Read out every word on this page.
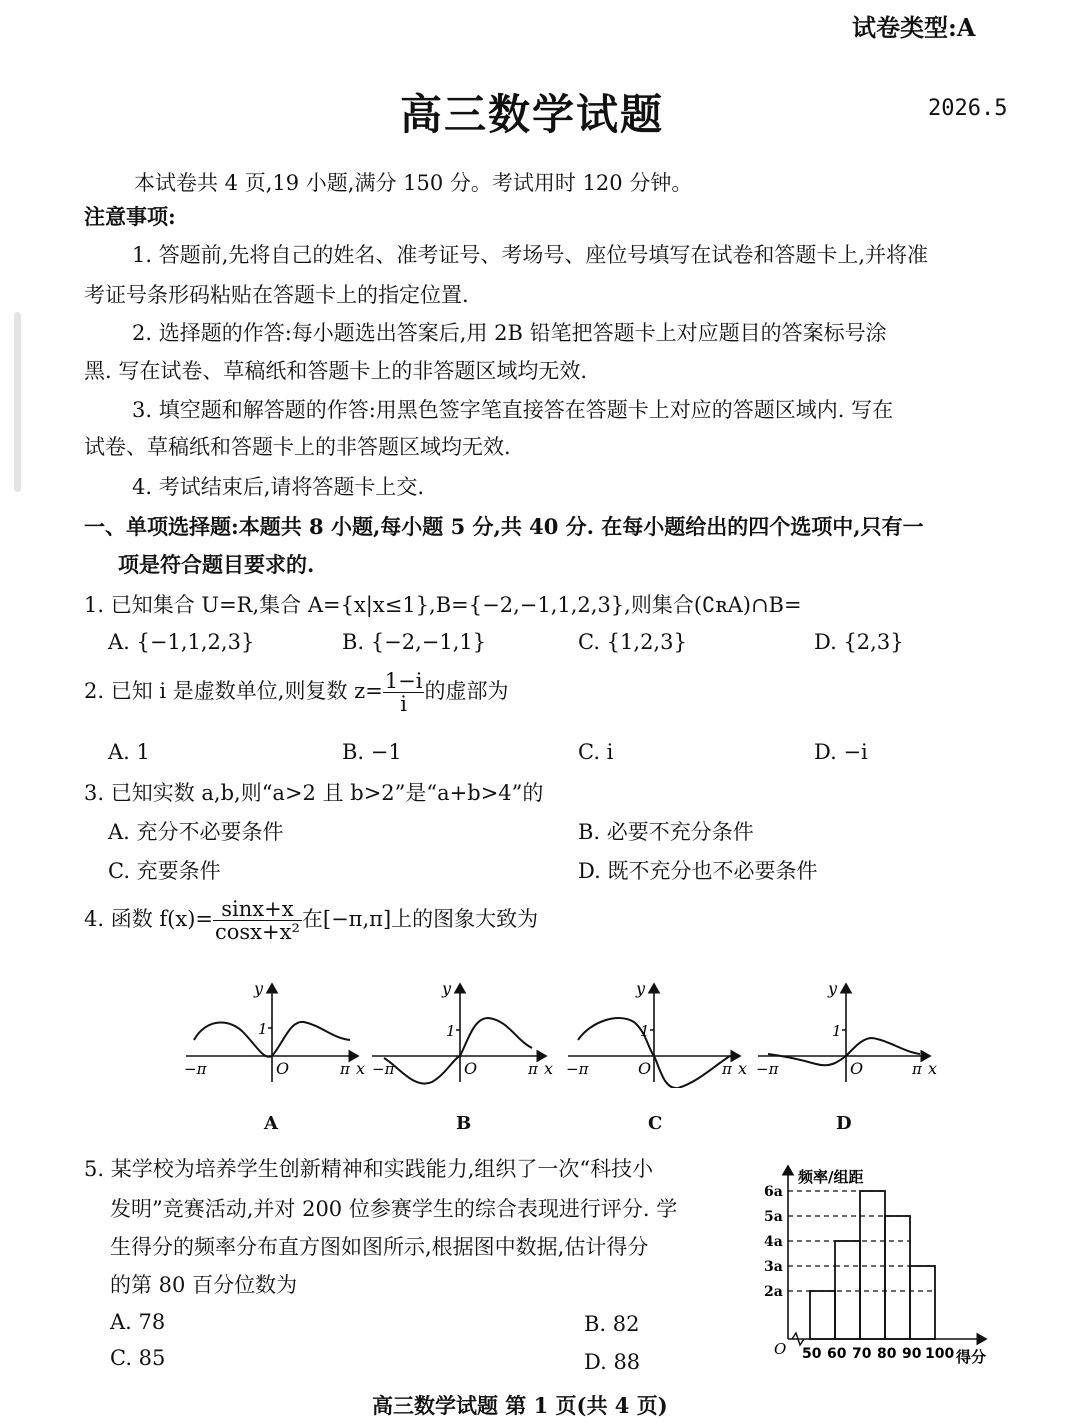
试卷类型:A
高三数学试题	2026.5
本试卷共 4 页,19 小题,满分 150 分。考试用时 120 分钟。
注意事项:
1. 答题前,先将自己的姓名、准考证号、考场号、座位号填写在试卷和答题卡上,并将准
考证号条形码粘贴在答题卡上的指定位置.
2. 选择题的作答:每小题选出答案后,用 2B 铅笔把答题卡上对应题目的答案标号涂
黑. 写在试卷、草稿纸和答题卡上的非答题区域均无效.
3. 填空题和解答题的作答:用黑色签字笔直接答在答题卡上对应的答题区域内. 写在
试卷、草稿纸和答题卡上的非答题区域均无效.
4. 考试结束后,请将答题卡上交.
一、单项选择题:本题共 8 小题,每小题 5 分,共 40 分. 在每小题给出的四个选项中,只有一
项是符合题目要求的.
1. 已知集合 U=R,集合 A={x|x≤1},B={−2,−1,1,2,3},则集合(∁ʀA)∩B=
A. {−1,1,2,3}	B. {−2,−1,1}	C. {1,2,3}	D. {2,3}
2. 已知 i 是虚数单位,则复数 $z= \frac{1-i}{i}$ 的虚部为
A. 1	B. −1	C. i	D. −i
3. 已知实数 a,b,则“a>2 且 b>2”是“a+b>4”的
A. 充分不必要条件	B. 必要不充分条件
C. 充要条件	D. 既不充分也不必要条件
4. 函数 $f(x)= \frac{\sin x+x}{\text{cosx+x²}}$ 在[−π,π]上的图象大致为
1
y
O
−π	π x
A
1
y
O
−π	π x
B
1
y
O
−π	π x
C
1
y
O
−π	π x
D
5. 某学校为培养学生创新精神和实践能力,组织了一次“科技小
发明”竞赛活动,并对 200 位参赛学生的综合表现进行评分. 学
生得分的频率分布直方图如图所示,根据图中数据,估计得分
的第 80 百分位数为
A. 78	B. 82
C. 85	D. 88
频率/组距
得分
O
2a
3a
4a
5a
6a
50 60 70 80 90 100
高三数学试题 第 1 页(共 4 页)
